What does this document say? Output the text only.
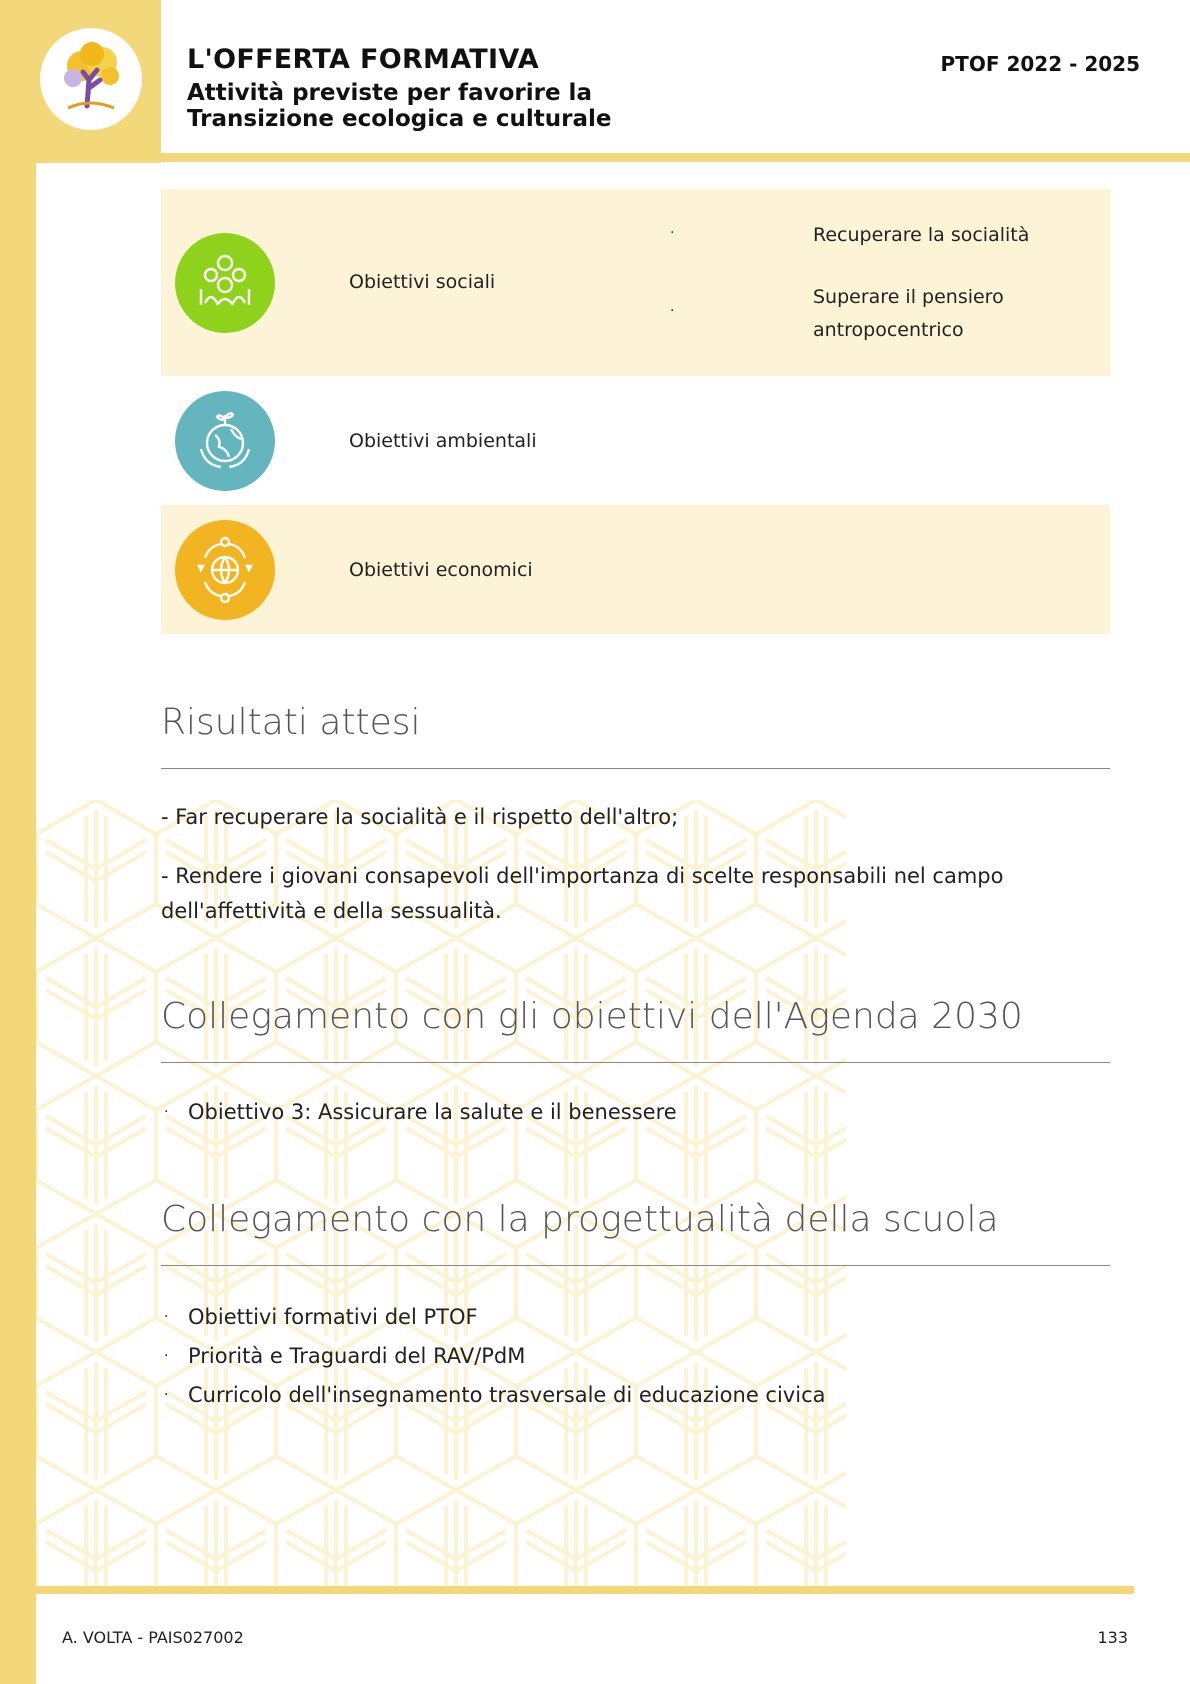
L'OFFERTA FORMATIVA
Attività previste per favorire la Transizione ecologica e culturale
PTOF 2022 - 2025
Obiettivi sociali
·
·
Recuperare la socialità
Superare il pensiero antropocentrico
Obiettivi ambientali
Obiettivi economici
Risultati attesi
- Far recuperare la socialità e il rispetto dell'altro;
- Rendere i giovani consapevoli dell'importanza di scelte responsabili nel campo dell'affettività e della sessualità.
Collegamento con gli obiettivi dell'Agenda 2030
· Obiettivo 3: Assicurare la salute e il benessere
Collegamento con la progettualità della scuola
· Obiettivi formativi del PTOF
· Priorità e Traguardi del RAV/PdM
· Curricolo dell'insegnamento trasversale di educazione civica
A. VOLTA - PAIS027002	133
